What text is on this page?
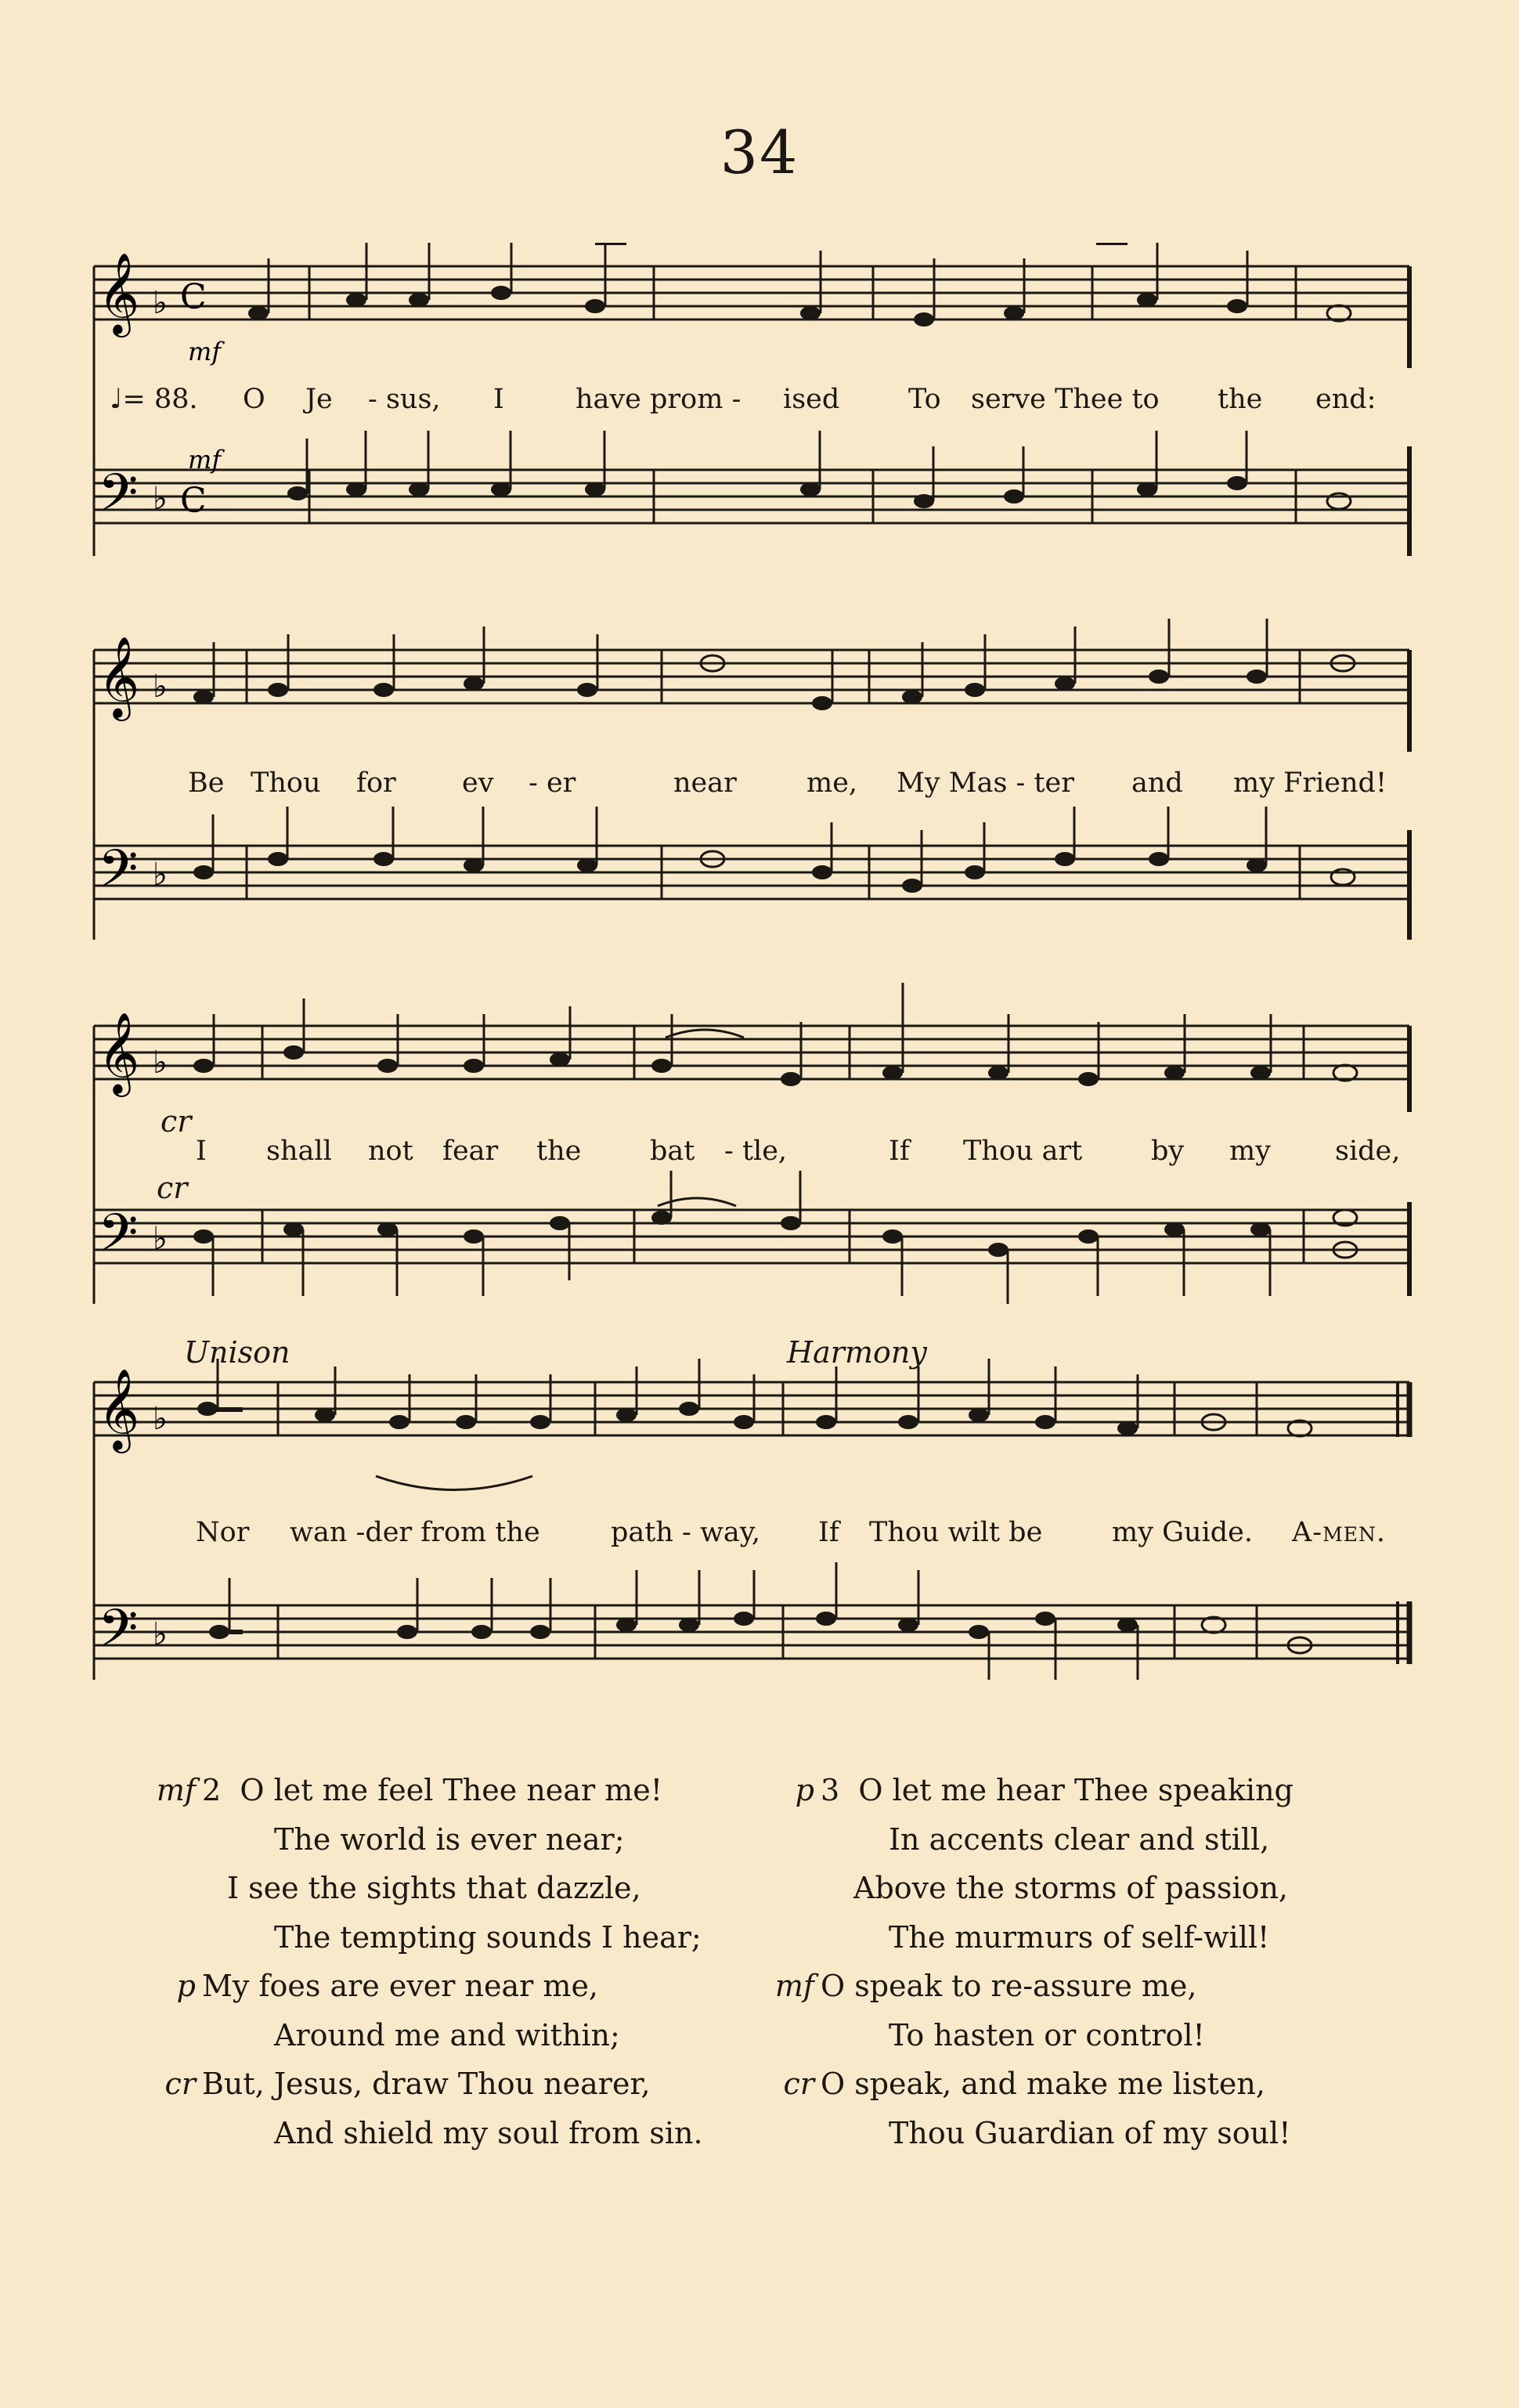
34
𝄞
𝄢
♭
♭
C
C
mf
mf
♩= 88. O Je - sus, I	have prom - ised	To serve Thee to the end:
𝄞
𝄢
♭
♭
Be Thou for ev - er	near	me, My Mas - ter and my Friend!
𝄞
𝄢
♭
♭
cr
cr
I shall not fear the	bat - tle,	If Thou art	by my side,
𝄞
𝄢
♭
♭
Unison	Harmony
Nor wan -der from the	path - way, If Thou wilt be	my Guide. A-men.
mf 2 O let me feel Thee near me!
The world is ever near;
I see the sights that dazzle,
The tempting sounds I hear;
p My foes are ever near me,
Around me and within;
cr But, Jesus, draw Thou nearer,
And shield my soul from sin.
p 3 O let me hear Thee speaking
In accents clear and still,
Above the storms of passion,
The murmurs of self-will!
mf O speak to re-assure me,
To hasten or control!
cr O speak, and make me listen,
Thou Guardian of my soul!
